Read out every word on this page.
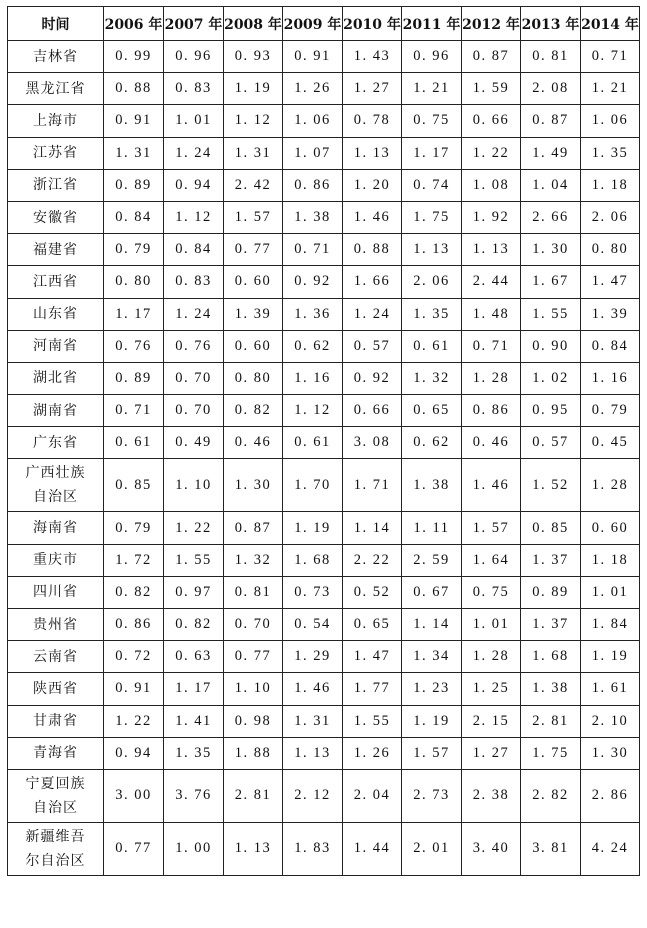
时间	2006 年	2007 年	2008 年	2009 年	2010 年	2011 年	2012 年	2013 年	2014 年
吉林省	0. 99	0. 96	0. 93	0. 91	1. 43	0. 96	0. 87	0. 81	0. 71
黑龙江省	0. 88	0. 83	1. 19	1. 26	1. 27	1. 21	1. 59	2. 08	1. 21
上海市	0. 91	1. 01	1. 12	1. 06	0. 78	0. 75	0. 66	0. 87	1. 06
江苏省	1. 31	1. 24	1. 31	1. 07	1. 13	1. 17	1. 22	1. 49	1. 35
浙江省	0. 89	0. 94	2. 42	0. 86	1. 20	0. 74	1. 08	1. 04	1. 18
安徽省	0. 84	1. 12	1. 57	1. 38	1. 46	1. 75	1. 92	2. 66	2. 06
福建省	0. 79	0. 84	0. 77	0. 71	0. 88	1. 13	1. 13	1. 30	0. 80
江西省	0. 80	0. 83	0. 60	0. 92	1. 66	2. 06	2. 44	1. 67	1. 47
山东省	1. 17	1. 24	1. 39	1. 36	1. 24	1. 35	1. 48	1. 55	1. 39
河南省	0. 76	0. 76	0. 60	0. 62	0. 57	0. 61	0. 71	0. 90	0. 84
湖北省	0. 89	0. 70	0. 80	1. 16	0. 92	1. 32	1. 28	1. 02	1. 16
湖南省	0. 71	0. 70	0. 82	1. 12	0. 66	0. 65	0. 86	0. 95	0. 79
广东省	0. 61	0. 49	0. 46	0. 61	3. 08	0. 62	0. 46	0. 57	0. 45

广西壮族
自治区	0. 85	1. 10	1. 30	1. 70	1. 71	1. 38	1. 46	1. 52	1. 28
海南省	0. 79	1. 22	0. 87	1. 19	1. 14	1. 11	1. 57	0. 85	0. 60
重庆市	1. 72	1. 55	1. 32	1. 68	2. 22	2. 59	1. 64	1. 37	1. 18
四川省	0. 82	0. 97	0. 81	0. 73	0. 52	0. 67	0. 75	0. 89	1. 01
贵州省	0. 86	0. 82	0. 70	0. 54	0. 65	1. 14	1. 01	1. 37	1. 84
云南省	0. 72	0. 63	0. 77	1. 29	1. 47	1. 34	1. 28	1. 68	1. 19
陕西省	0. 91	1. 17	1. 10	1. 46	1. 77	1. 23	1. 25	1. 38	1. 61
甘肃省	1. 22	1. 41	0. 98	1. 31	1. 55	1. 19	2. 15	2. 81	2. 10
青海省	0. 94	1. 35	1. 88	1. 13	1. 26	1. 57	1. 27	1. 75	1. 30

宁夏回族
自治区	3. 00	3. 76	2. 81	2. 12	2. 04	2. 73	2. 38	2. 82	2. 86

新疆维吾
尔自治区	0. 77	1. 00	1. 13	1. 83	1. 44	2. 01	3. 40	3. 81	4. 24
